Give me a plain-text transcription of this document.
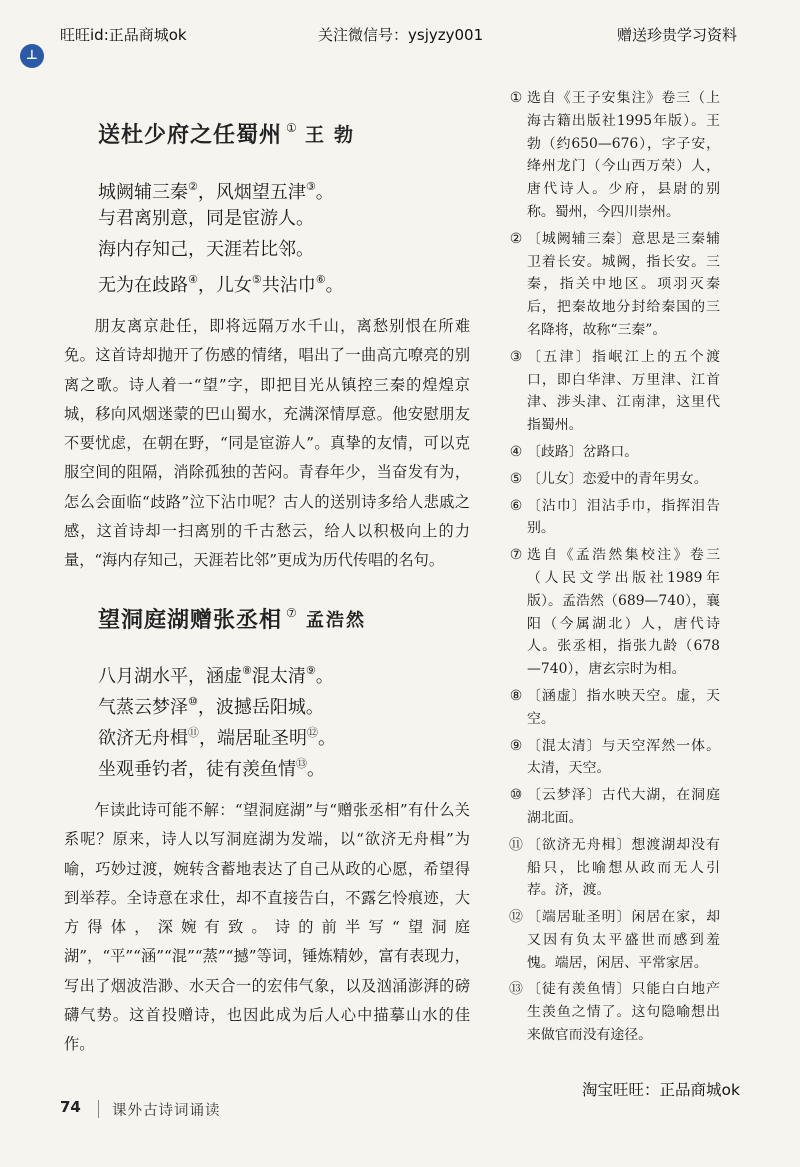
旺旺id:正品商城ok	关注微信号：ysjyzy001	赠送珍贵学习资料
⊥
送杜少府之任蜀州 ① 王勃
城阙辅三秦②，风烟望五津③。
与君离别意，同是宦游人。
海内存知己，天涯若比邻。
无为在歧路④，儿女⑤共沾巾⑥。
朋友离京赴任，即将远隔万水千山，离愁别恨在所难免。这首诗却抛开了伤感的情绪，唱出了一曲高亢嘹亮的别离之歌。诗人着一“望”字，即把目光从镇控三秦的煌煌京城，移向风烟迷蒙的巴山蜀水，充满深情厚意。他安慰朋友不要忧虑，在朝在野，“同是宦游人”。真挚的友情，可以克服空间的阻隔，消除孤独的苦闷。青春年少，当奋发有为，怎么会面临“歧路”泣下沾巾呢？古人的送别诗多给人悲戚之感，这首诗却一扫离别的千古愁云，给人以积极向上的力量，“海内存知己，天涯若比邻”更成为历代传唱的名句。
望洞庭湖赠张丞相 ⑦ 孟浩然
八月湖水平，涵虚⑧混太清⑨。
气蒸云梦泽⑩，波撼岳阳城。
欲济无舟楫⑪，端居耻圣明⑫。
坐观垂钓者，徒有羡鱼情⑬。
乍读此诗可能不解：“望洞庭湖”与“赠张丞相”有什么关系呢？原来，诗人以写洞庭湖为发端，以“欲济无舟楫”为喻，巧妙过渡，婉转含蓄地表达了自己从政的心愿，希望得到举荐。全诗意在求仕，却不直接告白，不露乞怜痕迹，大方得体，深婉有致。诗的前半写“望洞庭湖”，“平”“涵”“混”“蒸”“撼”等词，锤炼精妙，富有表现力，写出了烟波浩渺、水天合一的宏伟气象，以及汹涌澎湃的磅礴气势。这首投赠诗，也因此成为后人心中描摹山水的佳作。
① 选自《王子安集注》卷三（上海古籍出版社1995年版）。王勃（约650—676），字子安，绛州龙门（今山西万荣）人，唐代诗人。少府，县尉的别称。蜀州，今四川崇州。
② 〔城阙辅三秦〕意思是三秦辅卫着长安。城阙，指长安。三秦，指关中地区。项羽灭秦后，把秦故地分封给秦国的三名降将，故称“三秦”。
③ 〔五津〕指岷江上的五个渡口，即白华津、万里津、江首津、涉头津、江南津，这里代指蜀州。
④ 〔歧路〕岔路口。
⑤ 〔儿女〕恋爱中的青年男女。
⑥ 〔沾巾〕泪沾手巾，指挥泪告别。
⑦ 选自《孟浩然集校注》卷三（人民文学出版社1989年版）。孟浩然（689—740），襄阳（今属湖北）人，唐代诗人。张丞相，指张九龄（678—740），唐玄宗时为相。
⑧ 〔涵虚〕指水映天空。虚，天空。
⑨ 〔混太清〕与天空浑然一体。太清，天空。
⑩ 〔云梦泽〕古代大湖，在洞庭湖北面。
⑪ 〔欲济无舟楫〕想渡湖却没有船只，比喻想从政而无人引荐。济，渡。
⑫ 〔端居耻圣明〕闲居在家，却又因有负太平盛世而感到羞愧。端居，闲居、平常家居。
⑬ 〔徒有羡鱼情〕只能白白地产生羡鱼之情了。这句隐喻想出来做官而没有途径。
淘宝旺旺：正品商城ok
74 课外古诗词诵读
